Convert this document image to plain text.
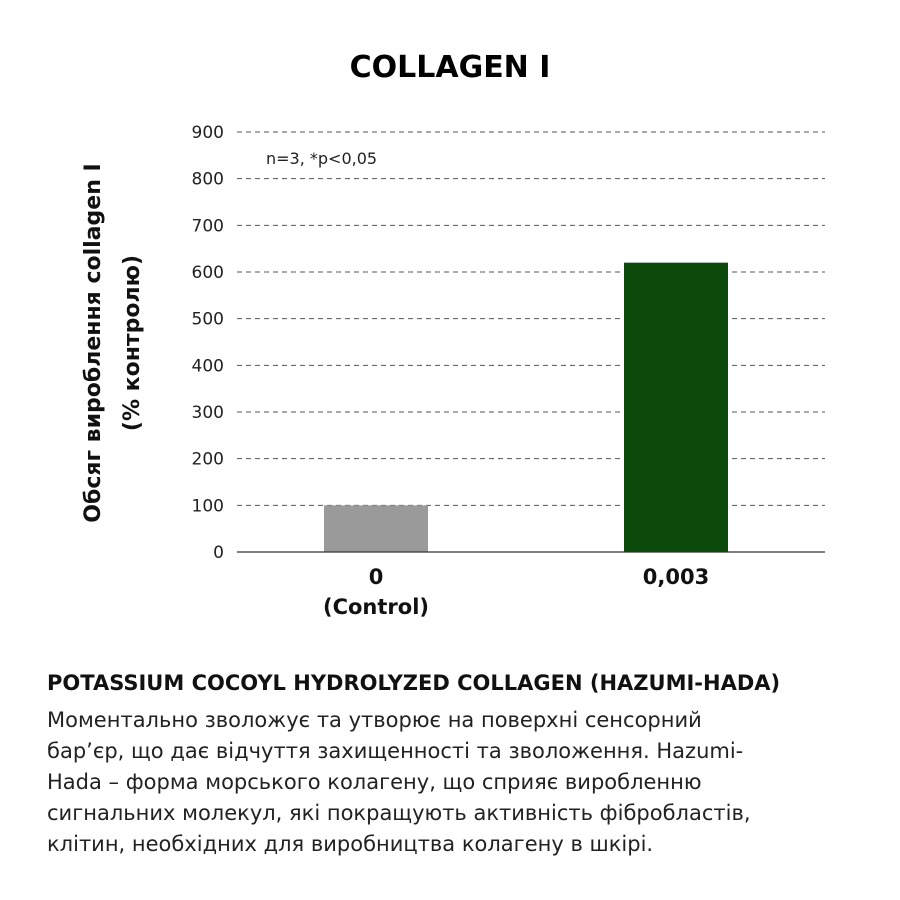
COLLAGEN I
0
100
200
300
400
500
600
700
800
900
0
(Control)
0,003
n=3, *p<0,05
Обсяг вироблення collagen I (% контролю)
POTASSIUM COCOYL HYDROLYZED COLLAGEN (HAZUMI-HADA)
Моментально зволожує та утворює на поверхні сенсорний
бар’єр, що дає відчуття захищенності та зволоження. Hazumi-
Hada – форма морського колагену, що сприяє виробленню
сигнальних молекул, які покращують активність фібробластів,
клітин, необхідних для виробництва колагену в шкірі.
